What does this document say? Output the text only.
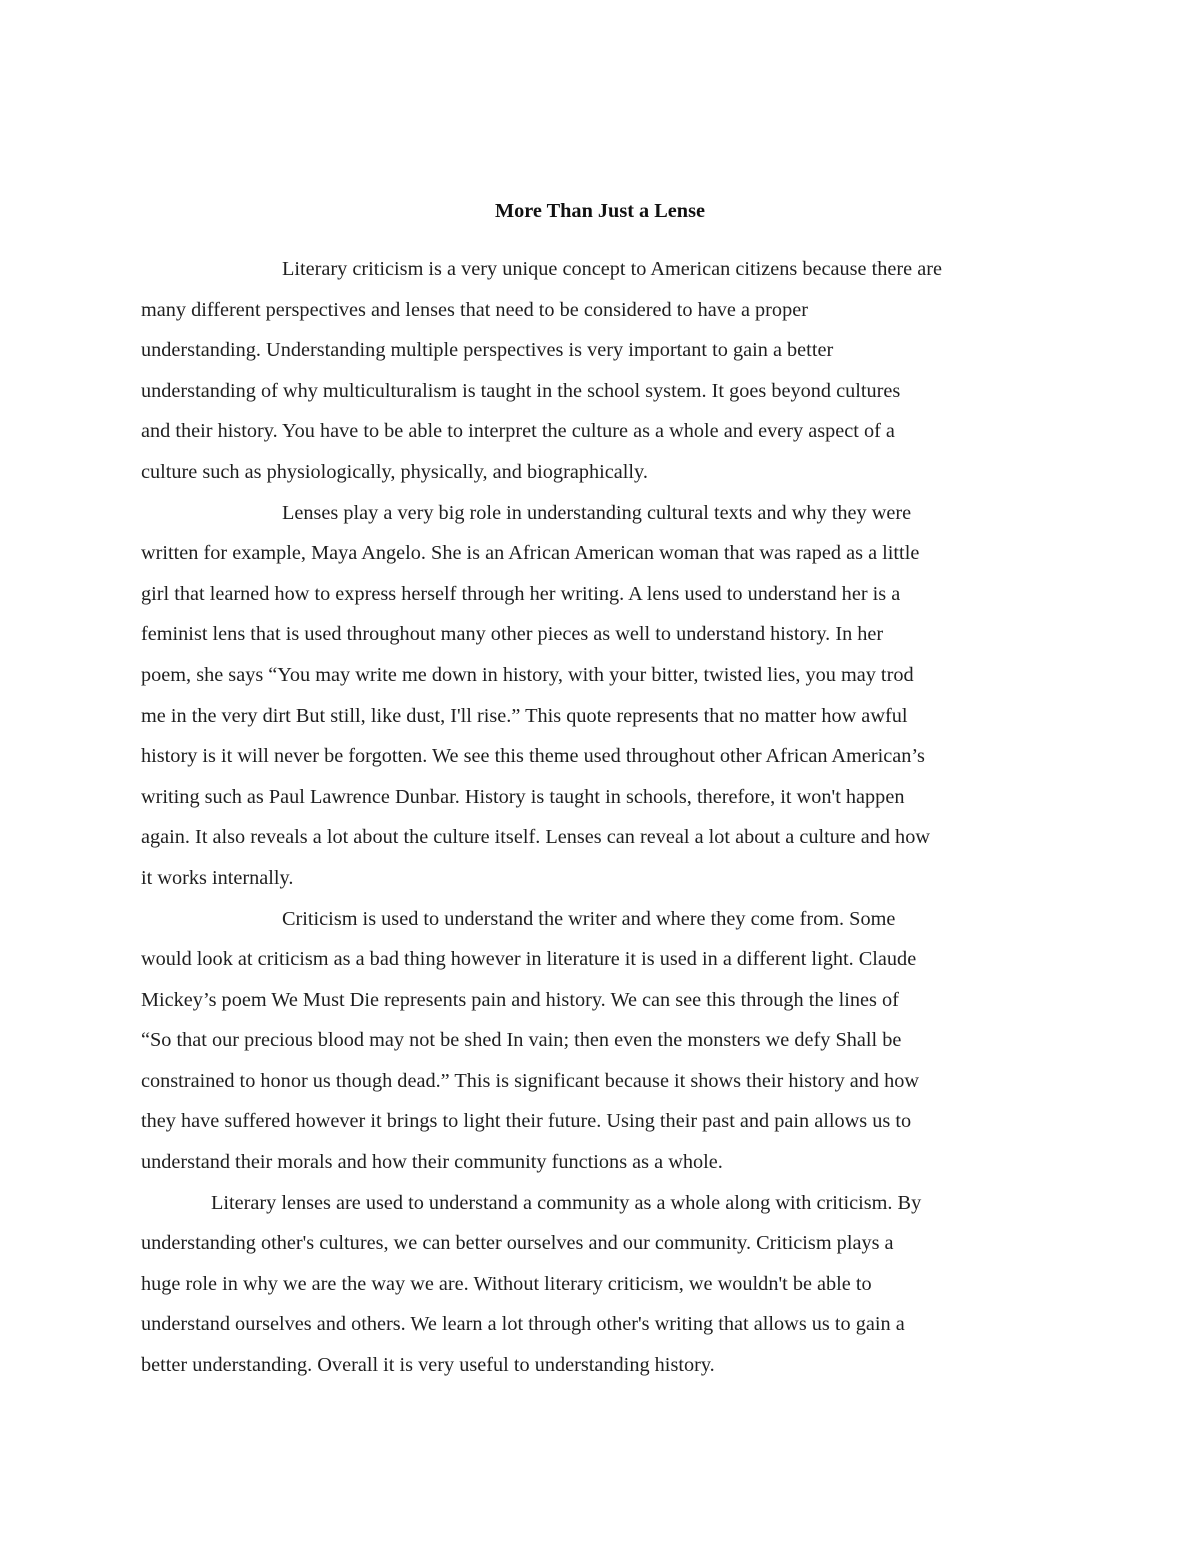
More Than Just a Lense
Literary criticism is a very unique concept to American citizens because there are
many different perspectives and lenses that need to be considered to have a proper
understanding. Understanding multiple perspectives is very important to gain a better
understanding of why multiculturalism is taught in the school system. It goes beyond cultures
and their history. You have to be able to interpret the culture as a whole and every aspect of a
culture such as physiologically, physically, and biographically.
Lenses play a very big role in understanding cultural texts and why they were
written for example, Maya Angelo. She is an African American woman that was raped as a little
girl that learned how to express herself through her writing. A lens used to understand her is a
feminist lens that is used throughout many other pieces as well to understand history. In her
poem, she says “You may write me down in history, with your bitter, twisted lies, you may trod
me in the very dirt But still, like dust, I'll rise.” This quote represents that no matter how awful
history is it will never be forgotten. We see this theme used throughout other African American’s
writing such as Paul Lawrence Dunbar. History is taught in schools, therefore, it won't happen
again. It also reveals a lot about the culture itself. Lenses can reveal a lot about a culture and how
it works internally.
Criticism is used to understand the writer and where they come from. Some
would look at criticism as a bad thing however in literature it is used in a different light. Claude
Mickey’s poem We Must Die represents pain and history. We can see this through the lines of
“So that our precious blood may not be shed In vain; then even the monsters we defy Shall be
constrained to honor us though dead.” This is significant because it shows their history and how
they have suffered however it brings to light their future. Using their past and pain allows us to
understand their morals and how their community functions as a whole.
Literary lenses are used to understand a community as a whole along with criticism. By
understanding other's cultures, we can better ourselves and our community. Criticism plays a
huge role in why we are the way we are. Without literary criticism, we wouldn't be able to
understand ourselves and others. We learn a lot through other's writing that allows us to gain a
better understanding. Overall it is very useful to understanding history.
